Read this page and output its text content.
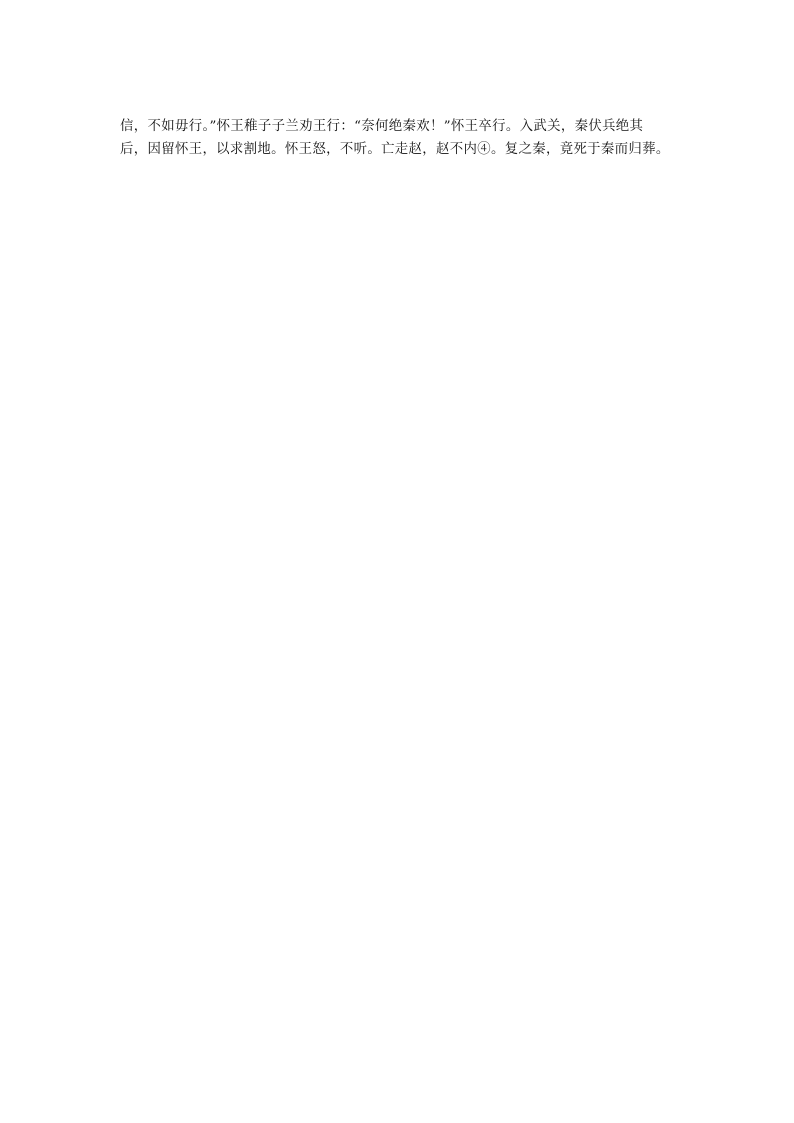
信，不如毋行。”怀王稚子子兰劝王行：“奈何绝秦欢！”怀王卒行。入武关，秦伏兵绝其
后，因留怀王，以求割地。怀王怒，不听。亡走赵，赵不内④。复之秦，竟死于秦而归葬。
